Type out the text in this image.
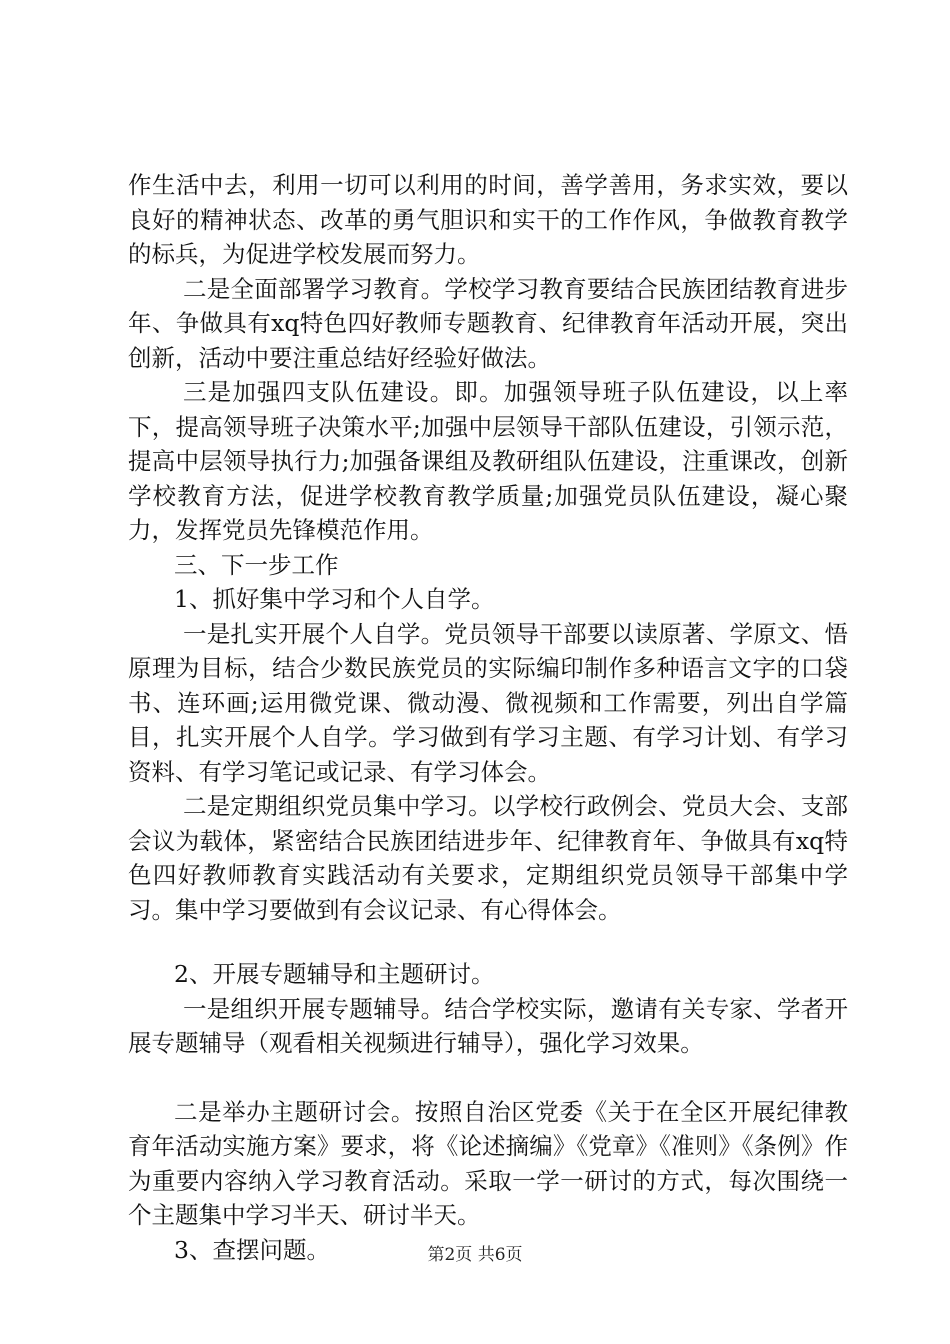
作生活中去，利用一切可以利用的时间，善学善用，务求实效，要以良好的精神状态、改革的勇气胆识和实干的工作作风，争做教育教学的标兵，为促进学校发展而努力。

二是全面部署学习教育。学校学习教育要结合民族团结教育进步年、争做具有xq特色四好教师专题教育、纪律教育年活动开展，突出创新，活动中要注重总结好经验好做法。

三是加强四支队伍建设。即。加强领导班子队伍建设，以上率下，提高领导班子决策水平;加强中层领导干部队伍建设，引领示范，提高中层领导执行力;加强备课组及教研组队伍建设，注重课改，创新学校教育方法，促进学校教育教学质量;加强党员队伍建设，凝心聚力，发挥党员先锋模范作用。

三、下一步工作

1、抓好集中学习和个人自学。

一是扎实开展个人自学。党员领导干部要以读原著、学原文、悟原理为目标，结合少数民族党员的实际编印制作多种语言文字的口袋书、连环画;运用微党课、微动漫、微视频和工作需要，列出自学篇目，扎实开展个人自学。学习做到有学习主题、有学习计划、有学习资料、有学习笔记或记录、有学习体会。

二是定期组织党员集中学习。以学校行政例会、党员大会、支部会议为载体，紧密结合民族团结进步年、纪律教育年、争做具有xq特色四好教师教育实践活动有关要求，定期组织党员领导干部集中学习。集中学习要做到有会议记录、有心得体会。

2、开展专题辅导和主题研讨。

一是组织开展专题辅导。结合学校实际，邀请有关专家、学者开展专题辅导（观看相关视频进行辅导），强化学习效果。

二是举办主题研讨会。按照自治区党委《关于在全区开展纪律教育年活动实施方案》要求，将《论述摘编》《党章》《准则》《条例》作为重要内容纳入学习教育活动。采取一学一研讨的方式，每次围绕一个主题集中学习半天、研讨半天。

3、查摆问题。	第2页 共6页
